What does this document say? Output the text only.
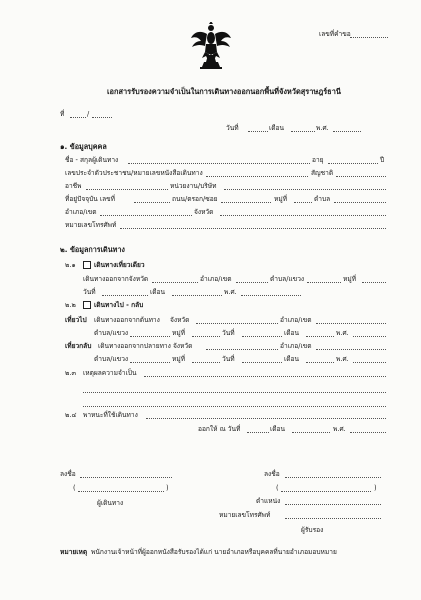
เลขที่คำขอ
เอกสารรับรองความจำเป็นในการเดินทางออกนอกพื้นที่จังหวัดสุราษฎร์ธานี
ที่	/
วันที่	เดือน	พ.ศ.
๑. ข้อมูลบุคคล
ชื่อ - สกุลผู้เดินทาง	อายุ	ปี
เลขประจำตัวประชาชน/หมายเลขหนังสือเดินทาง	สัญชาติ
อาชีพ	หน่วยงาน/บริษัท
ที่อยู่ปัจจุบัน เลขที่	ถนน/ตรอก/ซอย	หมู่ที่	ตำบล
อำเภอ/เขต	จังหวัด
หมายเลขโทรศัพท์
๒. ข้อมูลการเดินทาง
๒.๑	เดินทางเที่ยวเดียว
เดินทางออกจากจังหวัด	อำเภอ/เขต	ตำบล/แขวง	หมู่ที่
วันที่	เดือน	พ.ศ.
๒.๒	เดินทางไป - กลับ
เที่ยวไป เดินทางออกจากต้นทาง จังหวัด	อำเภอ/เขต
ตำบล/แขวง	หมู่ที่	วันที่	เดือน	พ.ศ.
เที่ยวกลับ เดินทางออกจากปลายทาง จังหวัด	อำเภอ/เขต
ตำบล/แขวง	หมู่ที่	วันที่	เดือน	พ.ศ.
๒.๓ เหตุผลความจำเป็น
๒.๔ พาหนะที่ใช้เดินทาง
ออกให้ ณ วันที่	เดือน	พ.ศ.
ลงชื่อ
(	)
ผู้เดินทาง
ลงชื่อ
(	)
ตำแหน่ง
หมายเลขโทรศัพท์
ผู้รับรอง
หมายเหตุ พนักงานเจ้าหน้าที่ผู้ออกหนังสือรับรองได้แก่ นายอำเภอหรือบุคคลที่นายอำเภอมอบหมาย
